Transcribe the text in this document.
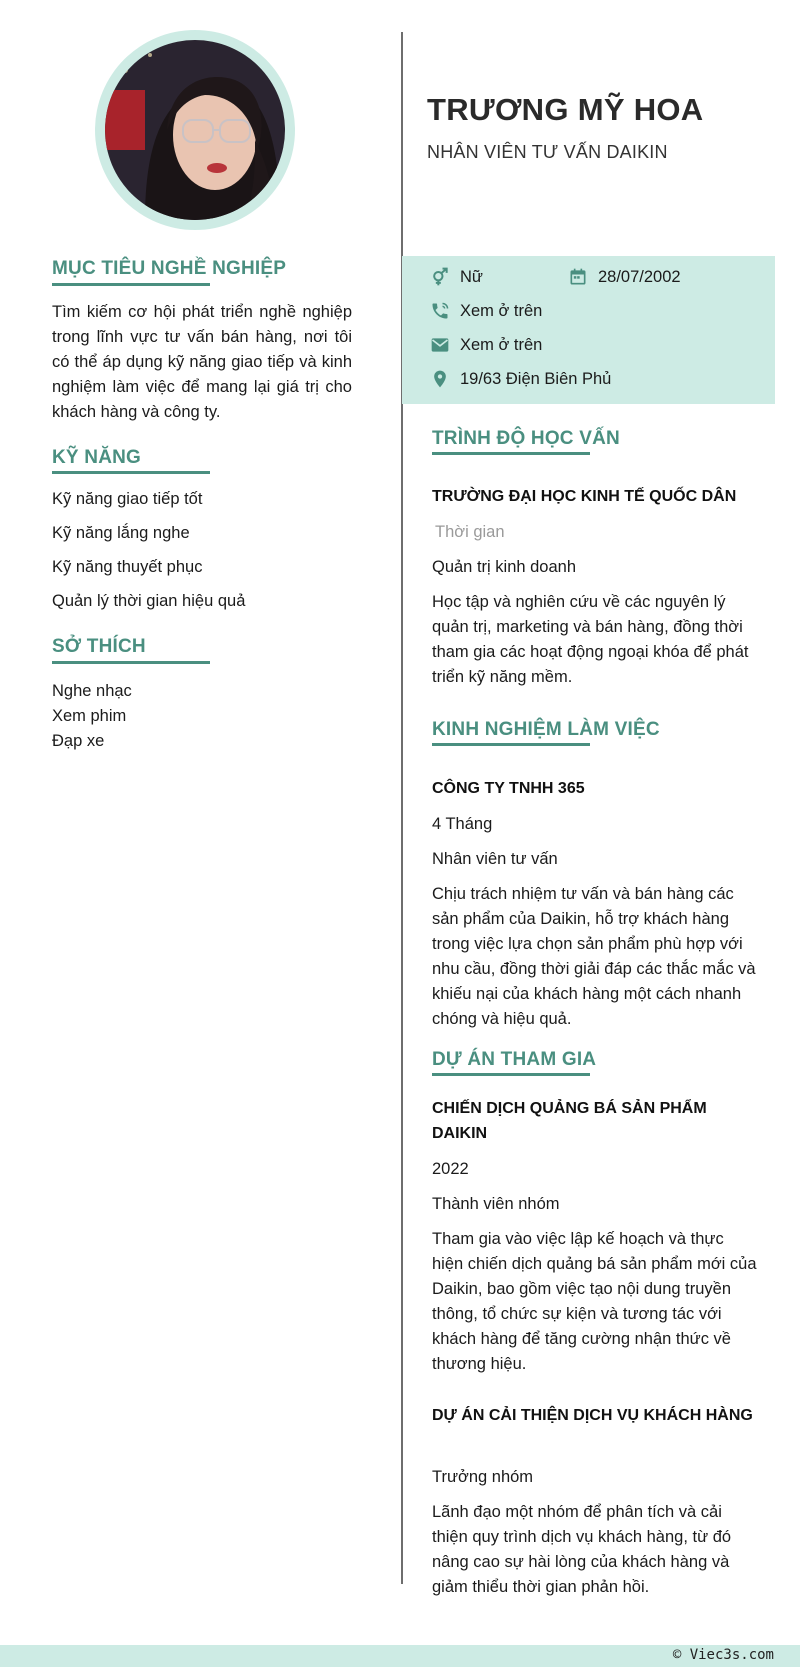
MỤC TIÊU NGHỀ NGHIỆP

Tìm kiếm cơ hội phát triển nghề nghiệp trong lĩnh vực tư vấn bán hàng, nơi tôi có thể áp dụng kỹ năng giao tiếp và kinh nghiệm làm việc để mang lại giá trị cho khách hàng và công ty.

KỸ NĂNG

Kỹ năng giao tiếp tốt

Kỹ năng lắng nghe

Kỹ năng thuyết phục

Quản lý thời gian hiệu quả

SỞ THÍCH

Nghe nhạc

Xem phim

Đạp xe

TRƯƠNG MỸ HOA

NHÂN VIÊN TƯ VẤN DAIKIN

Nữ	28/07/2002
Xem ở trên
Xem ở trên
19/63 Điện Biên Phủ
TRÌNH ĐỘ HỌC VẤN

TRƯỜNG ĐẠI HỌC KINH TẾ QUỐC DÂN

Thời gian

Quản trị kinh doanh

Học tập và nghiên cứu về các nguyên lý quản trị, marketing và bán hàng, đồng thời tham gia các hoạt động ngoại khóa để phát triển kỹ năng mềm.

KINH NGHIỆM LÀM VIỆC

CÔNG TY TNHH 365

4 Tháng

Nhân viên tư vấn

Chịu trách nhiệm tư vấn và bán hàng các sản phẩm của Daikin, hỗ trợ khách hàng trong việc lựa chọn sản phẩm phù hợp với nhu cầu, đồng thời giải đáp các thắc mắc và khiếu nại của khách hàng một cách nhanh chóng và hiệu quả.

DỰ ÁN THAM GIA

CHIẾN DỊCH QUẢNG BÁ SẢN PHẨM DAIKIN

2022

Thành viên nhóm

Tham gia vào việc lập kế hoạch và thực hiện chiến dịch quảng bá sản phẩm mới của Daikin, bao gồm việc tạo nội dung truyền thông, tổ chức sự kiện và tương tác với khách hàng để tăng cường nhận thức về thương hiệu.

DỰ ÁN CẢI THIỆN DỊCH VỤ KHÁCH HÀNG

Trưởng nhóm

Lãnh đạo một nhóm để phân tích và cải thiện quy trình dịch vụ khách hàng, từ đó nâng cao sự hài lòng của khách hàng và giảm thiểu thời gian phản hồi.

© Viec3s.com
